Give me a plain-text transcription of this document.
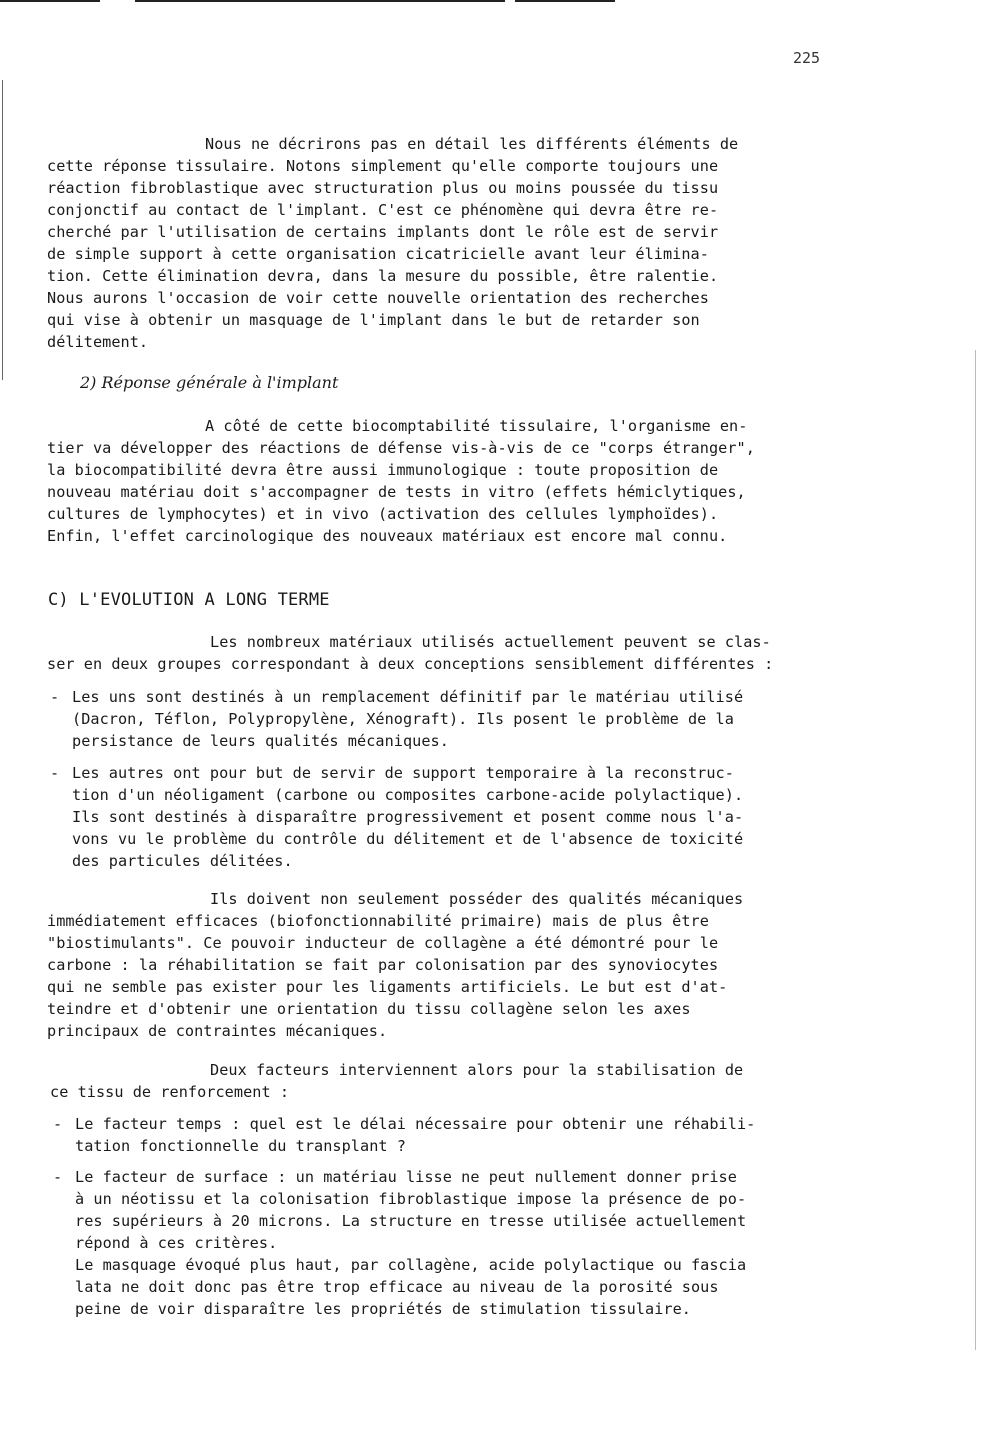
225
Nous ne décrirons pas en détail les différents éléments de
cette réponse tissulaire. Notons simplement qu'elle comporte toujours une
réaction fibroblastique avec structuration plus ou moins poussée du tissu
conjonctif au contact de l'implant. C'est ce phénomène qui devra être re-
cherché par l'utilisation de certains implants dont le rôle est de servir
de simple support à cette organisation cicatricielle avant leur élimina-
tion. Cette élimination devra, dans la mesure du possible, être ralentie.
Nous aurons l'occasion de voir cette nouvelle orientation des recherches
qui vise à obtenir un masquage de l'implant dans le but de retarder son
délitement.
2) Réponse générale à l'implant
A côté de cette biocomptabilité tissulaire, l'organisme en-
tier va développer des réactions de défense vis-à-vis de ce "corps étranger",
la biocompatibilité devra être aussi immunologique : toute proposition de
nouveau matériau doit s'accompagner de tests in vitro (effets hémiclytiques,
cultures de lymphocytes) et in vivo (activation des cellules lymphoïdes).
Enfin, l'effet carcinologique des nouveaux matériaux est encore mal connu.
C) L'EVOLUTION A LONG TERME
Les nombreux matériaux utilisés actuellement peuvent se clas-
ser en deux groupes correspondant à deux conceptions sensiblement différentes :
- Les uns sont destinés à un remplacement définitif par le matériau utilisé
(Dacron, Téflon, Polypropylène, Xénograft). Ils posent le problème de la
persistance de leurs qualités mécaniques.
- Les autres ont pour but de servir de support temporaire à la reconstruc-
tion d'un néoligament (carbone ou composites carbone-acide polylactique).
Ils sont destinés à disparaître progressivement et posent comme nous l'a-
vons vu le problème du contrôle du délitement et de l'absence de toxicité
des particules délitées.
Ils doivent non seulement posséder des qualités mécaniques
immédiatement efficaces (biofonctionnabilité primaire) mais de plus être
"biostimulants". Ce pouvoir inducteur de collagène a été démontré pour le
carbone : la réhabilitation se fait par colonisation par des synoviocytes
qui ne semble pas exister pour les ligaments artificiels. Le but est d'at-
teindre et d'obtenir une orientation du tissu collagène selon les axes
principaux de contraintes mécaniques.
Deux facteurs interviennent alors pour la stabilisation de
ce tissu de renforcement :
- Le facteur temps : quel est le délai nécessaire pour obtenir une réhabili-
tation fonctionnelle du transplant ?
- Le facteur de surface : un matériau lisse ne peut nullement donner prise
à un néotissu et la colonisation fibroblastique impose la présence de po-
res supérieurs à 20 microns. La structure en tresse utilisée actuellement
répond à ces critères.
Le masquage évoqué plus haut, par collagène, acide polylactique ou fascia
lata ne doit donc pas être trop efficace au niveau de la porosité sous
peine de voir disparaître les propriétés de stimulation tissulaire.
